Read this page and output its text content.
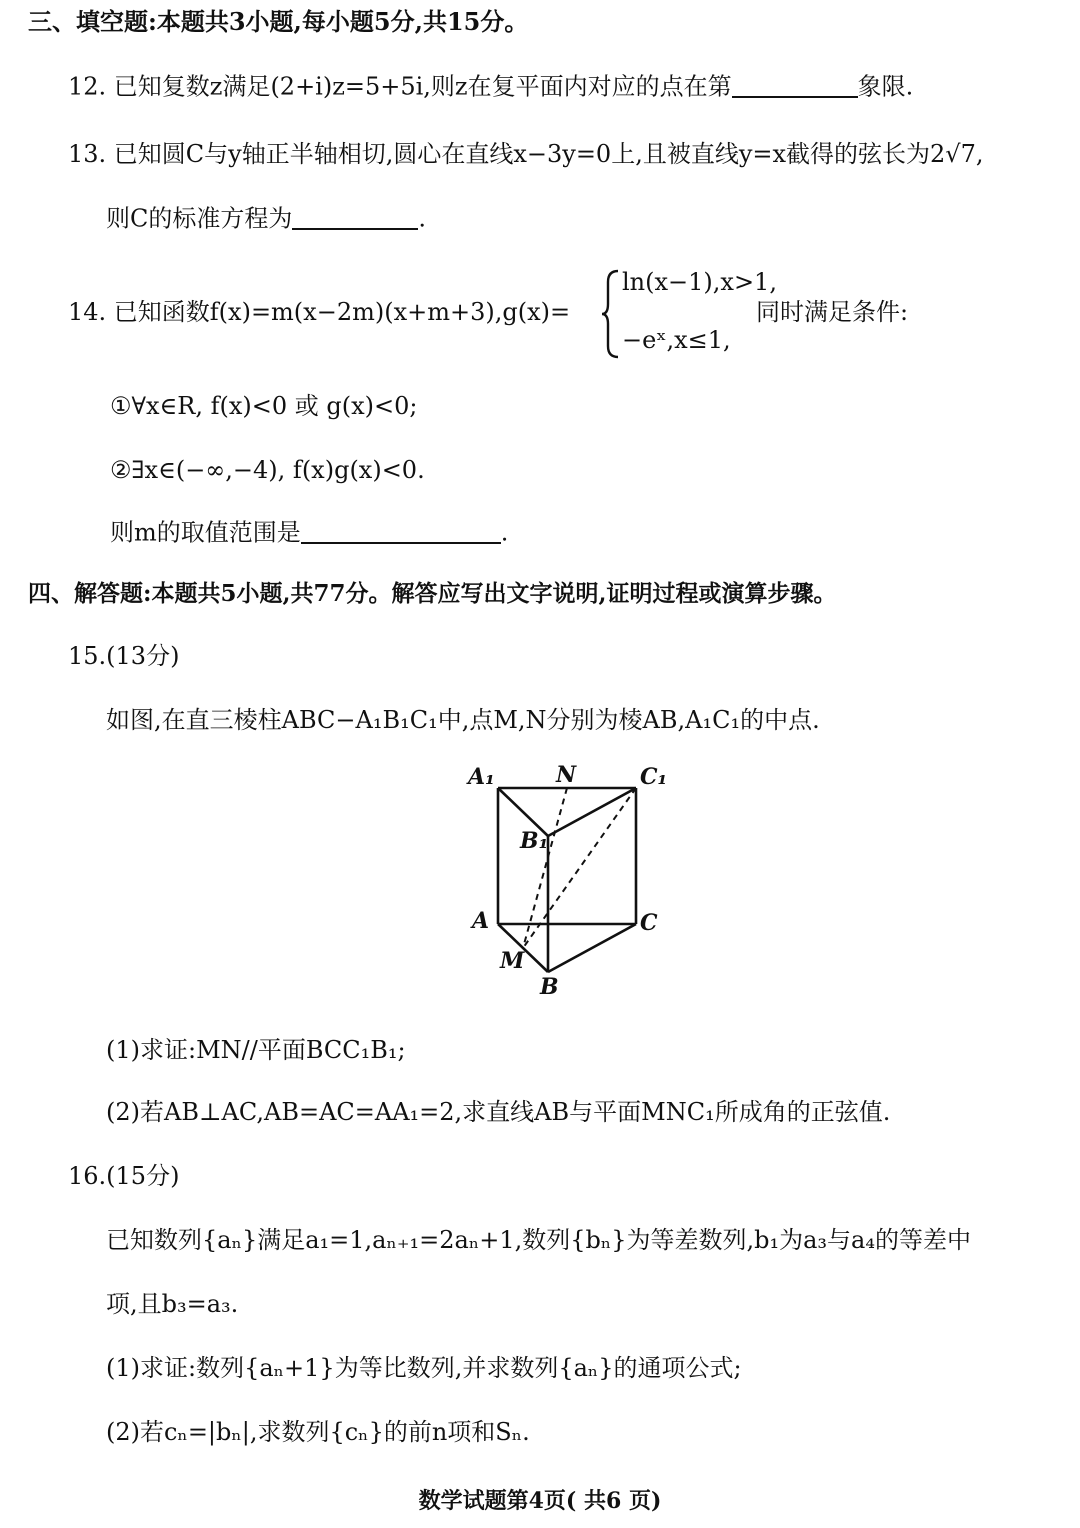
三、填空题:本题共3小题,每小题5分,共15分。
12. 已知复数z满足(2+i)z=5+5i,则z在复平面内对应的点在第	象限.
13. 已知圆C与y轴正半轴相切,圆心在直线x−3y=0上,且被直线y=x截得的弦长为2√7,
则C的标准方程为	.
14. 已知函数f(x)=m(x−2m)(x+m+3),g(x)=
ln(x−1),x>1,
−eˣ,x≤1,
同时满足条件:
①∀x∈R, f(x)<0 或 g(x)<0;
②∃x∈(−∞,−4), f(x)g(x)<0.
则m的取值范围是	.
四、解答题:本题共5小题,共77分。解答应写出文字说明,证明过程或演算步骤。
15.(13分)
如图,在直三棱柱ABC−A₁B₁C₁中,点M,N分别为棱AB,A₁C₁的中点.
A₁	N	C₁
B₁
A	C
M
B
(1)求证:MN//平面BCC₁B₁;
(2)若AB⊥AC,AB=AC=AA₁=2,求直线AB与平面MNC₁所成角的正弦值.
16.(15分)
已知数列{aₙ}满足a₁=1,aₙ₊₁=2aₙ+1,数列{bₙ}为等差数列,b₁为a₃与a₄的等差中
项,且b₃=a₃.
(1)求证:数列{aₙ+1}为等比数列,并求数列{aₙ}的通项公式;
(2)若cₙ=|bₙ|,求数列{cₙ}的前n项和Sₙ.
数学试题第4页( 共6 页)
